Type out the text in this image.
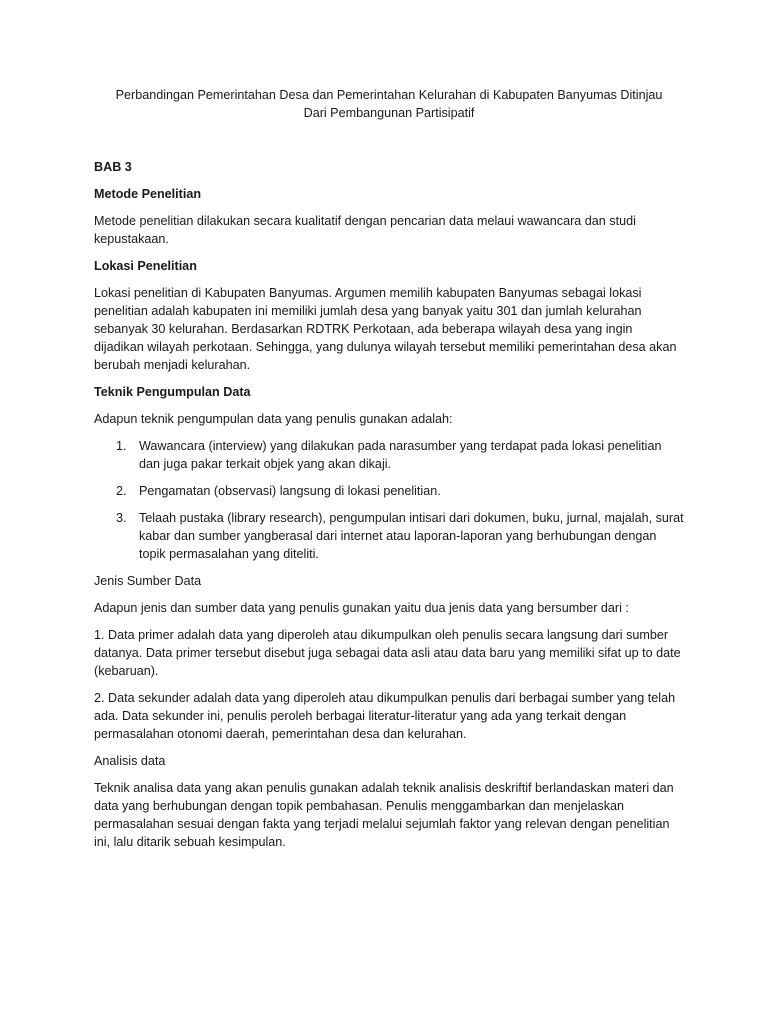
Perbandingan Pemerintahan Desa dan Pemerintahan Kelurahan di Kabupaten Banyumas Ditinjau
Dari Pembangunan Partisipatif
BAB 3
Metode Penelitian

Metode penelitian dilakukan secara kualitatif dengan pencarian data melaui wawancara dan studi kepustakaan.

Lokasi Penelitian

Lokasi penelitian di Kabupaten Banyumas. Argumen memilih kabupaten Banyumas sebagai lokasi penelitian adalah kabupaten ini memiliki jumlah desa yang banyak yaitu 301 dan jumlah kelurahan sebanyak 30 kelurahan. Berdasarkan RDTRK Perkotaan, ada beberapa wilayah desa yang ingin dijadikan wilayah perkotaan. Sehingga, yang dulunya wilayah tersebut memiliki pemerintahan desa akan berubah menjadi kelurahan.

Teknik Pengumpulan Data

Adapun teknik pengumpulan data yang penulis gunakan adalah:

1. Wawancara (interview) yang dilakukan pada narasumber yang terdapat pada lokasi penelitian dan juga pakar terkait objek yang akan dikaji.
2. Pengamatan (observasi) langsung di lokasi penelitian.
3. Telaah pustaka (library research), pengumpulan intisari dari dokumen, buku, jurnal, majalah, surat kabar dan sumber yangberasal dari internet atau laporan-laporan yang berhubungan dengan topik permasalahan yang diteliti.
Jenis Sumber Data

Adapun jenis dan sumber data yang penulis gunakan yaitu dua jenis data yang bersumber dari :

1. Data primer adalah data yang diperoleh atau dikumpulkan oleh penulis secara langsung dari sumber datanya. Data primer tersebut disebut juga sebagai data asli atau data baru yang memiliki sifat up to date (kebaruan).

2. Data sekunder adalah data yang diperoleh atau dikumpulkan penulis dari berbagai sumber yang telah ada. Data sekunder ini, penulis peroleh berbagai literatur-literatur yang ada yang terkait dengan permasalahan otonomi daerah, pemerintahan desa dan kelurahan.

Analisis data

Teknik analisa data yang akan penulis gunakan adalah teknik analisis deskriftif berlandaskan materi dan data yang berhubungan dengan topik pembahasan. Penulis menggambarkan dan menjelaskan permasalahan sesuai dengan fakta yang terjadi melalui sejumlah faktor yang relevan dengan penelitian ini, lalu ditarik sebuah kesimpulan.
